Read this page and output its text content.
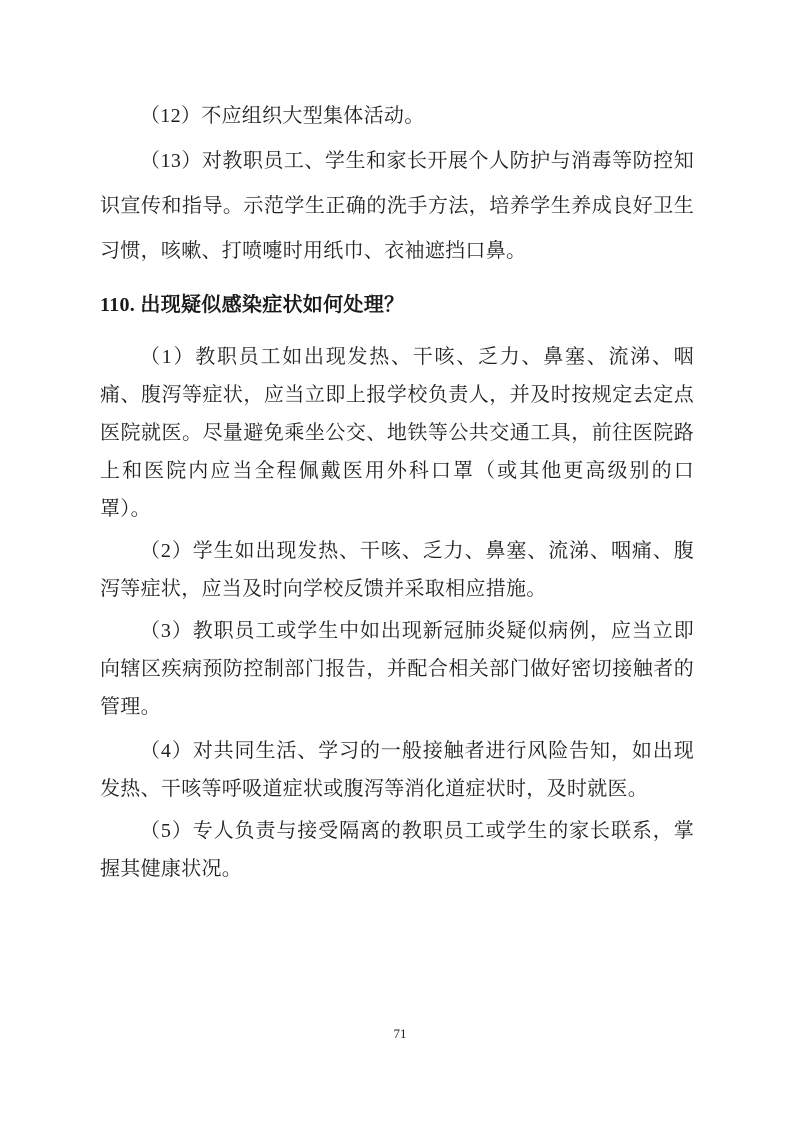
（12）不应组织大型集体活动。

（13）对教职员工、学生和家长开展个人防护与消毒等防控知识宣传和指导。示范学生正确的洗手方法，培养学生养成良好卫生习惯，咳嗽、打喷嚏时用纸巾、衣袖遮挡口鼻。

110. 出现疑似感染症状如何处理？

（1）教职员工如出现发热、干咳、乏力、鼻塞、流涕、咽痛、腹泻等症状，应当立即上报学校负责人，并及时按规定去定点医院就医。尽量避免乘坐公交、地铁等公共交通工具，前往医院路上和医院内应当全程佩戴医用外科口罩（或其他更高级别的口罩）。

（2）学生如出现发热、干咳、乏力、鼻塞、流涕、咽痛、腹泻等症状，应当及时向学校反馈并采取相应措施。

（3）教职员工或学生中如出现新冠肺炎疑似病例，应当立即向辖区疾病预防控制部门报告，并配合相关部门做好密切接触者的管理。

（4）对共同生活、学习的一般接触者进行风险告知，如出现发热、干咳等呼吸道症状或腹泻等消化道症状时，及时就医。

（5）专人负责与接受隔离的教职员工或学生的家长联系，掌握其健康状况。

71
